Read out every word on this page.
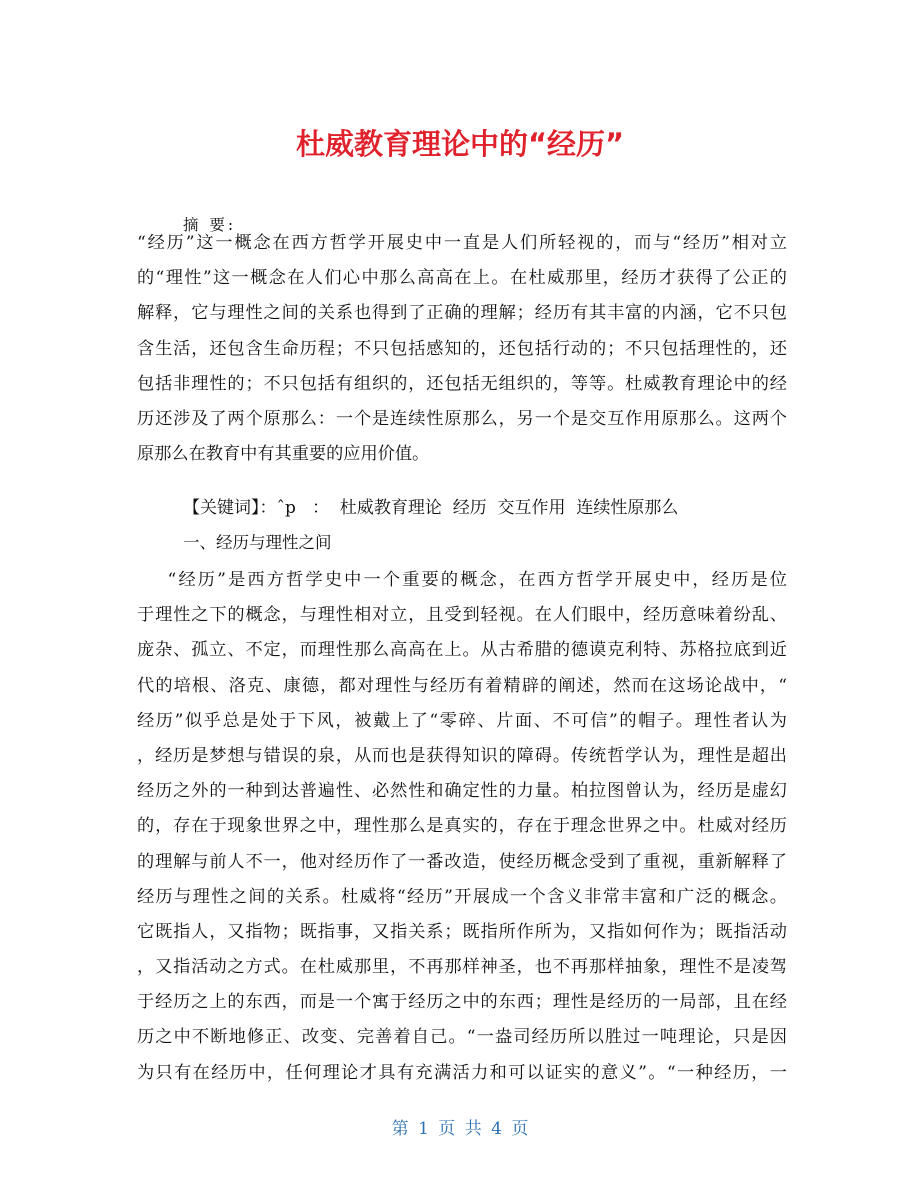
杜威教育理论中的“经历”
摘 要:
“经历”这一概念在西方哲学开展史中一直是人们所轻视的，而与“经历”相对立
的“理性”这一概念在人们心中那么高高在上。在杜威那里，经历才获得了公正的
解释，它与理性之间的关系也得到了正确的理解；经历有其丰富的内涵，它不只包
含生活，还包含生命历程；不只包括感知的，还包括行动的；不只包括理性的，还
包括非理性的；不只包括有组织的，还包括无组织的，等等。杜威教育理论中的经
历还涉及了两个原那么：一个是连续性原那么，另一个是交互作用原那么。这两个
原那么在教育中有其重要的应用价值。
【关键词】：ˆp   ：  杜威教育理论  经历  交互作用  连续性原那么
一、经历与理性之间
“经历”是西方哲学史中一个重要的概念，在西方哲学开展史中，经历是位
于理性之下的概念，与理性相对立，且受到轻视。在人们眼中，经历意味着纷乱、
庞杂、孤立、不定，而理性那么高高在上。从古希腊的德谟克利特、苏格拉底到近
代的培根、洛克、康德，都对理性与经历有着精辟的阐述，然而在这场论战中，“
经历”似乎总是处于下风，被戴上了“零碎、片面、不可信”的帽子。理性者认为
，经历是梦想与错误的泉，从而也是获得知识的障碍。传统哲学认为，理性是超出
经历之外的一种到达普遍性、必然性和确定性的力量。柏拉图曾认为，经历是虚幻
的，存在于现象世界之中，理性那么是真实的，存在于理念世界之中。杜威对经历
的理解与前人不一，他对经历作了一番改造，使经历概念受到了重视，重新解释了
经历与理性之间的关系。杜威将“经历”开展成一个含义非常丰富和广泛的概念。
它既指人，又指物；既指事，又指关系；既指所作所为，又指如何作为；既指活动
，又指活动之方式。在杜威那里，不再那样神圣，也不再那样抽象，理性不是凌驾
于经历之上的东西，而是一个寓于经历之中的东西；理性是经历的一局部，且在经
历之中不断地修正、改变、完善着自己。“一盎司经历所以胜过一吨理论，只是因
为只有在经历中，任何理论才具有充满活力和可以证实的意义”。“一种经历，一
第 1 页 共 4 页
